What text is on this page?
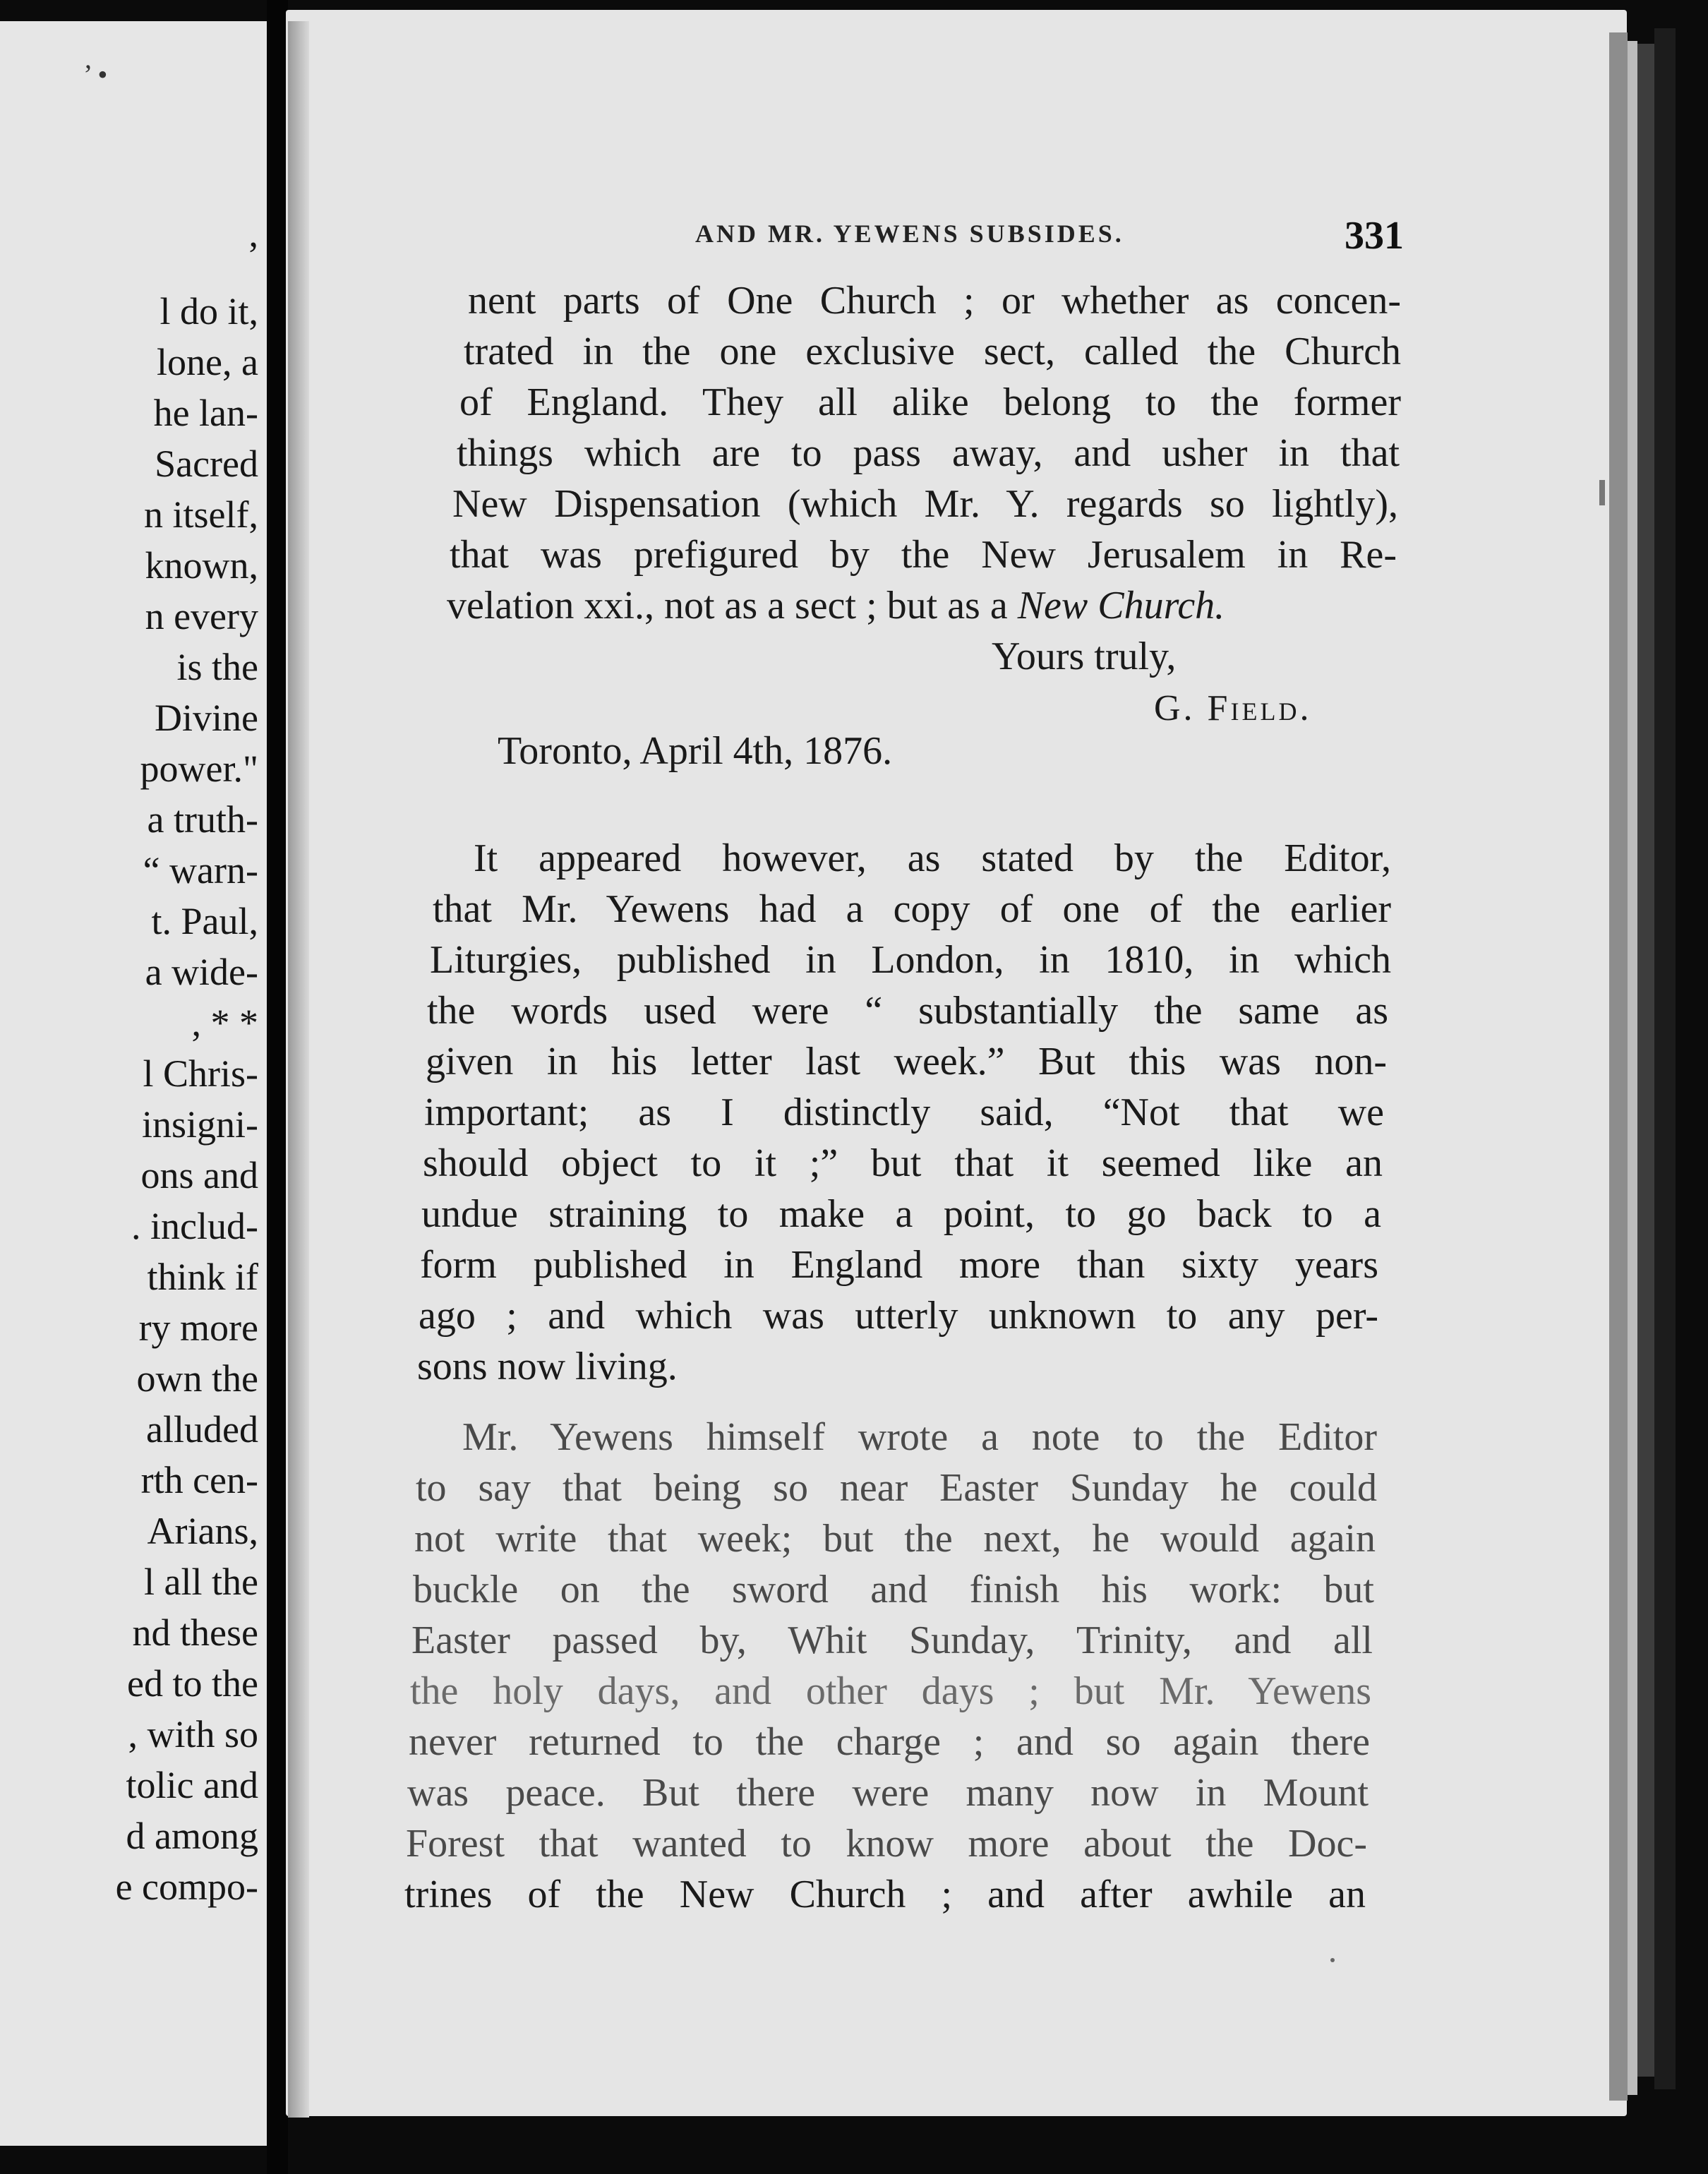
’ •
,
l do it,
lone, a
he lan-
Sacred
n itself,
known,
n every
is the
Divine
power."
a truth-
“ warn-
t. Paul,
a wide-
, * *
l Chris-
insigni-
ons and
. includ-
think if
ry more
own the
alluded
rth cen-
Arians,
l all the
nd these
ed to the
, with so
tolic and
d among
e compo-
AND MR. YEWENS SUBSIDES.	331
nent parts of One Church ; or whether as concen-
trated in the one exclusive sect, called the Church
of England. They all alike belong to the former
things which are to pass away, and usher in that
New Dispensation (which Mr. Y. regards so lightly),
that was prefigured by the New Jerusalem in Re-
velation xxi., not as a sect ; but as a New Church.
Yours truly,
G. Field.
Toronto, April 4th, 1876.
It appeared however, as stated by the Editor,
that Mr. Yewens had a copy of one of the earlier
Liturgies, published in London, in 1810, in which
the words used were “ substantially the same as
given in his letter last week.” But this was non-
important; as I distinctly said, “Not that we
should object to it ;” but that it seemed like an
undue straining to make a point, to go back to a
form published in England more than sixty years
ago ; and which was utterly unknown to any per-
sons now living.
Mr. Yewens himself wrote a note to the Editor
to say that being so near Easter Sunday he could
not write that week; but the next, he would again
buckle on the sword and finish his work: but
Easter passed by, Whit Sunday, Trinity, and all
the holy days, and other days ; but Mr. Yewens
never returned to the charge ; and so again there
was peace. But there were many now in Mount
Forest that wanted to know more about the Doc-
trines of the New Church ; and after awhile an
